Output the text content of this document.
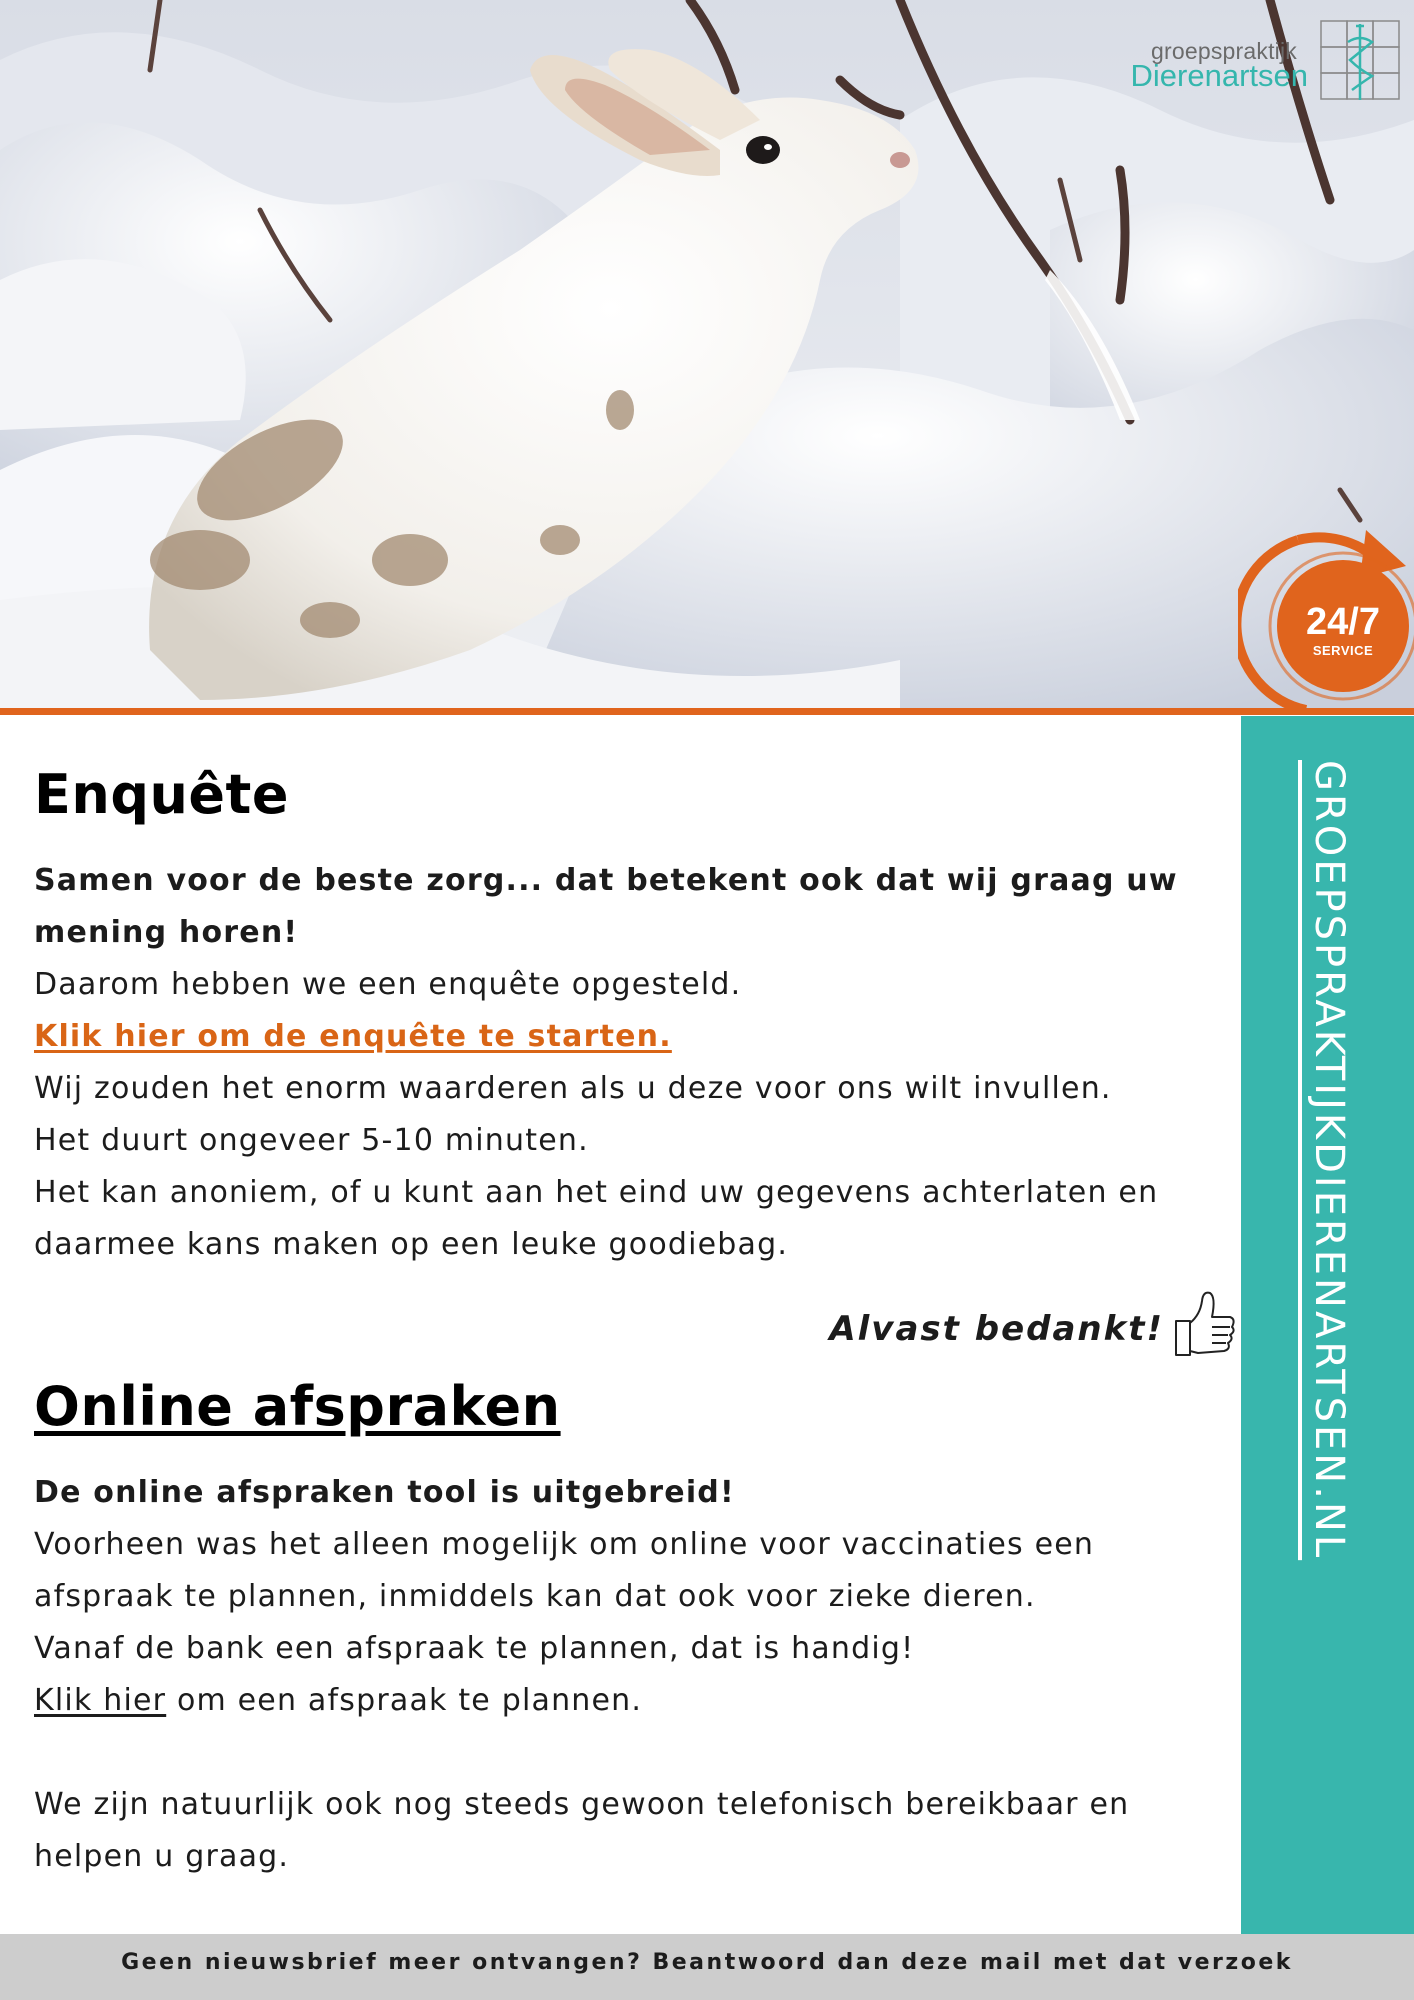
groepspraktijk
Dierenartsen
24/7
SERVICE
GROEPSPRAKTIJKDIERENARTSEN.NL
Enquête

Samen voor de beste zorg... dat betekent ook dat wij graag uw mening horen!

Daarom hebben we een enquête opgesteld.

Klik hier om de enquête te starten.

Wij zouden het enorm waarderen als u deze voor ons wilt invullen.

Het duurt ongeveer 5-10 minuten.

Het kan anoniem, of u kunt aan het eind uw gegevens achterlaten en daarmee kans maken op een leuke goodiebag.

Alvast bedankt!
Online afspraken

De online afspraken tool is uitgebreid!

Voorheen was het alleen mogelijk om online voor vaccinaties een afspraak te plannen, inmiddels kan dat ook voor zieke dieren.

Vanaf de bank een afspraak te plannen, dat is handig!

Klik hier om een afspraak te plannen.

We zijn natuurlijk ook nog steeds gewoon telefonisch bereikbaar en helpen u graag.

Geen nieuwsbrief meer ontvangen? Beantwoord dan deze mail met dat verzoek
